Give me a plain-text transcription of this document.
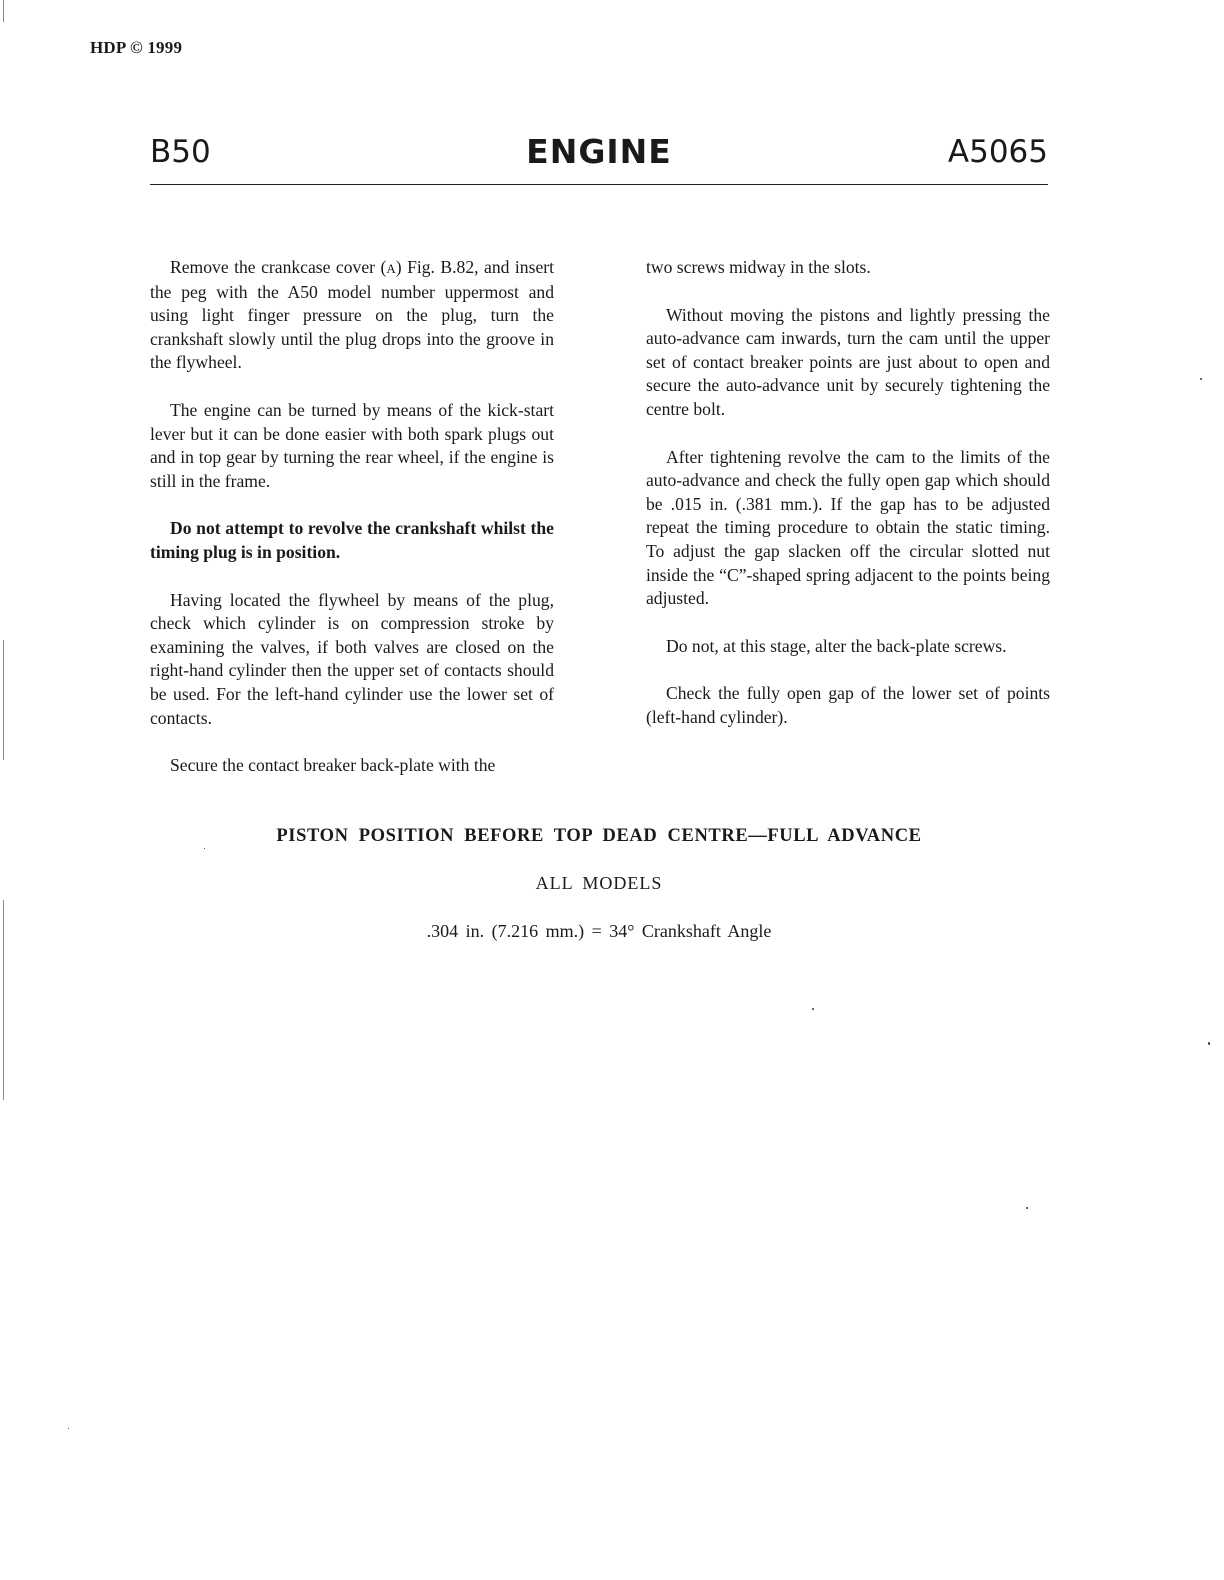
HDP © 1999
B50	ENGINE	A5065

Remove the crankcase cover (A) Fig. B.82, and insert the peg with the A50 model number uppermost and using light finger pressure on the plug, turn the crankshaft slowly until the plug drops into the groove in the flywheel.

The engine can be turned by means of the kick-start lever but it can be done easier with both spark plugs out and in top gear by turning the rear wheel, if the engine is still in the frame.

Do not attempt to revolve the crankshaft whilst the timing plug is in position.

Having located the flywheel by means of the plug, check which cylinder is on compression stroke by examining the valves, if both valves are closed on the right-hand cylinder then the upper set of contacts should be used. For the left-hand cylinder use the lower set of contacts.

Secure the contact breaker back-plate with the

two screws midway in the slots.

Without moving the pistons and lightly pressing the auto-advance cam inwards, turn the cam until the upper set of contact breaker points are just about to open and secure the auto-advance unit by securely tightening the centre bolt.

After tightening revolve the cam to the limits of the auto-advance and check the fully open gap which should be .015 in. (.381 mm.). If the gap has to be adjusted repeat the timing procedure to obtain the static timing. To adjust the gap slacken off the circular slotted nut inside the “C”-shaped spring adjacent to the points being adjusted.

Do not, at this stage, alter the back-plate screws.

Check the fully open gap of the lower set of points (left-hand cylinder).

PISTON POSITION BEFORE TOP DEAD CENTRE—FULL ADVANCE
ALL MODELS
.304 in. (7.216 mm.) = 34° Crankshaft Angle
